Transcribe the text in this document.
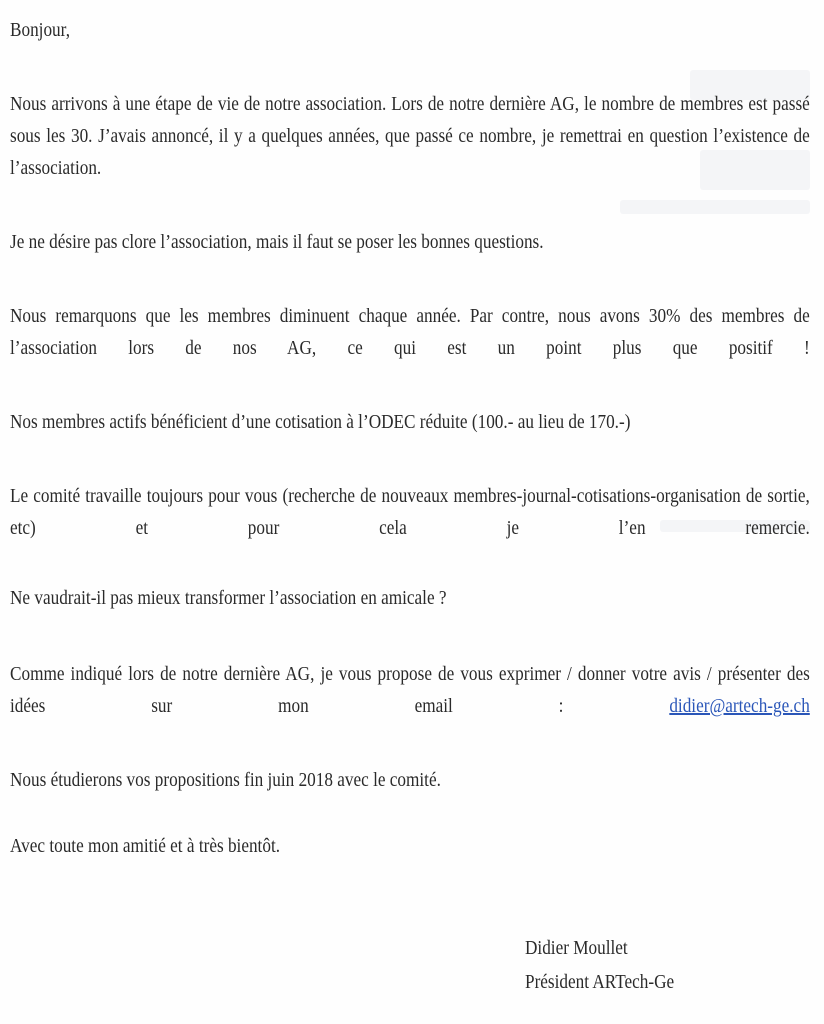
Bonjour,

Nous arrivons à une étape de vie de notre association. Lors de notre dernière AG, le nombre de membres est passé sous les 30. J’avais annoncé, il y a quelques années, que passé ce nombre, je remettrai en question l’existence de l’association.

Je ne désire pas clore l’association, mais il faut se poser les bonnes questions.

Nous remarquons que les membres diminuent chaque année. Par contre, nous avons 30% des membres de l’association lors de nos AG, ce qui est un point plus que positif !

Nos membres actifs bénéficient d’une cotisation à l’ODEC réduite (100.- au lieu de 170.-)

Le comité travaille toujours pour vous (recherche de nouveaux membres-journal-cotisations-organisation de sortie, etc) et pour cela je l’en remercie.

Ne vaudrait-il pas mieux transformer l’association en amicale ?

Comme indiqué lors de notre dernière AG, je vous propose de vous exprimer / donner votre avis / présenter des idées sur mon email : didier@artech-ge.ch

Nous étudierons vos propositions fin juin 2018 avec le comité.

Avec toute mon amitié et à très bientôt.

Didier Moullet
Président ARTech-Ge
